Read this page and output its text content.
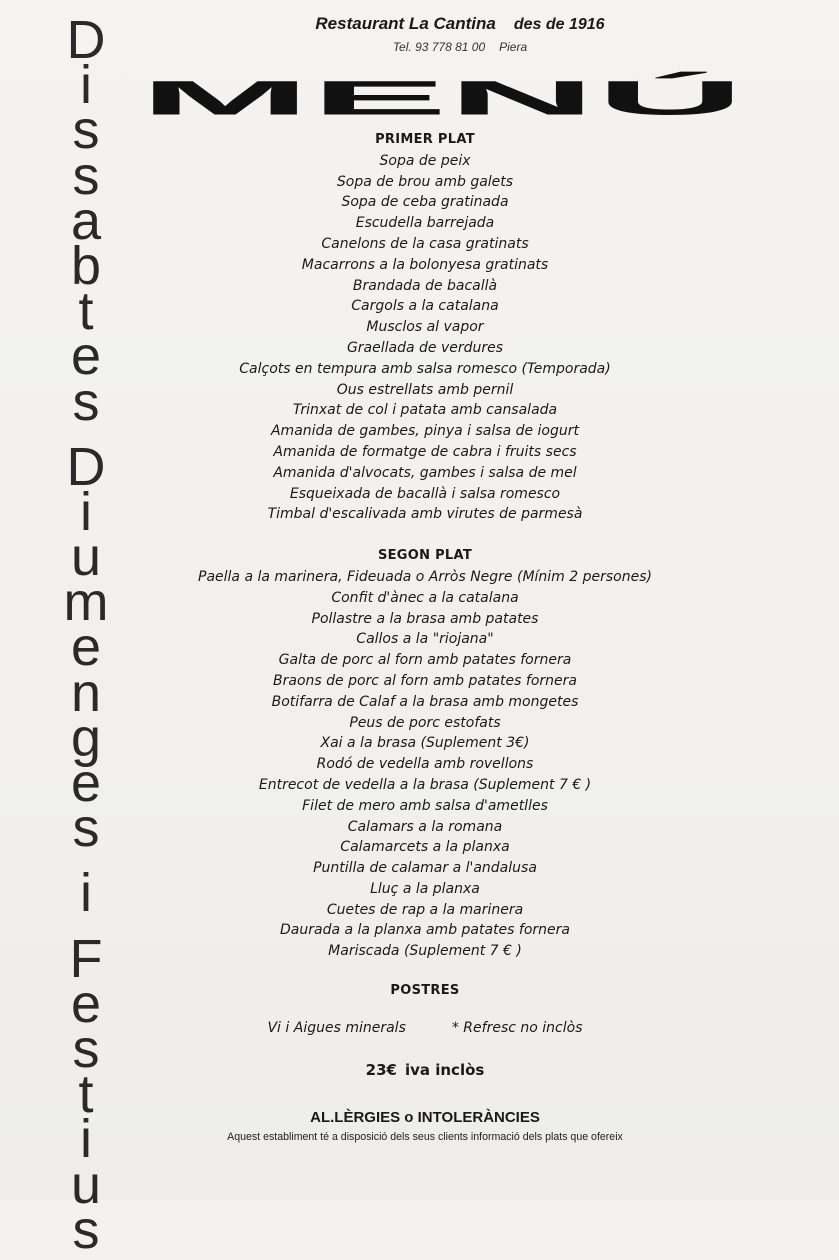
D
i
s
s
a
b
t
e
s
D
i
u
m
e
n
g
e
s
i
F
e
s
t
i
u
s
Restaurant La Cantina des de 1916
Tel. 93 778 81 00 Piera
MENÚ
PRIMER PLAT
Sopa de peix
Sopa de brou amb galets
Sopa de ceba gratinada
Escudella barrejada
Canelons de la casa gratinats
Macarrons a la bolonyesa gratinats
Brandada de bacallà
Cargols a la catalana
Musclos al vapor
Graellada de verdures
Calçots en tempura amb salsa romesco (Temporada)
Ous estrellats amb pernil
Trinxat de col i patata amb cansalada
Amanida de gambes, pinya i salsa de iogurt
Amanida de formatge de cabra i fruits secs
Amanida d'alvocats, gambes i salsa de mel
Esqueixada de bacallà i salsa romesco
Timbal d'escalivada amb virutes de parmesà
SEGON PLAT
Paella a la marinera, Fideuada o Arròs Negre (Mínim 2 persones)
Confit d'ànec a la catalana
Pollastre a la brasa amb patates
Callos a la "riojana"
Galta de porc al forn amb patates fornera
Braons de porc al forn amb patates fornera
Botifarra de Calaf a la brasa amb mongetes
Peus de porc estofats
Xai a la brasa (Suplement 3€)
Rodó de vedella amb rovellons
Entrecot de vedella a la brasa (Suplement 7 € )
Filet de mero amb salsa d'ametlles
Calamars a la romana
Calamarcets a la planxa
Puntilla de calamar a l'andalusa
Lluç a la planxa
Cuetes de rap a la marinera
Daurada a la planxa amb patates fornera
Mariscada (Suplement 7 € )
POSTRES
Vi i Aigues minerals	* Refresc no inclòs
23€ iva inclòs
AL.LÈRGIES o INTOLERÀNCIES
Aquest establiment té a disposició dels seus clients informació dels plats que ofereix
